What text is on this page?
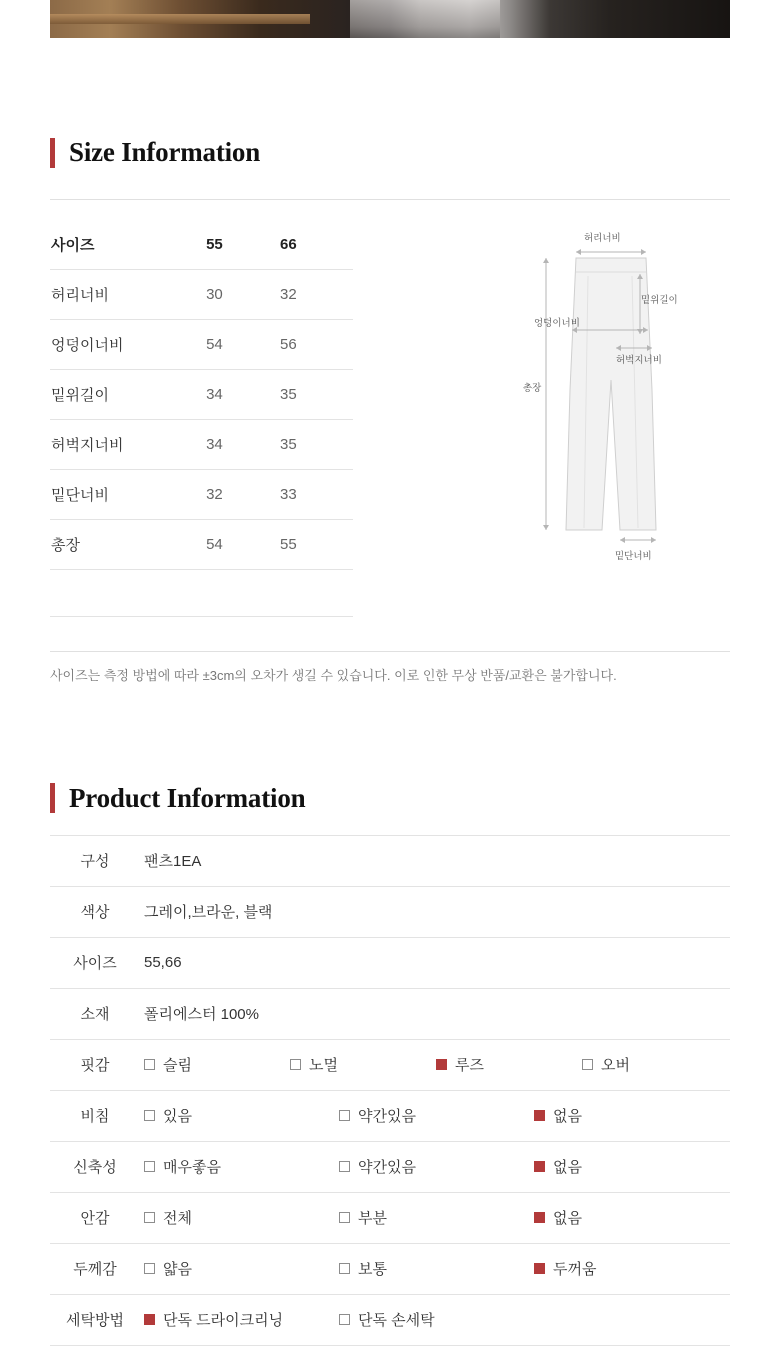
Size Information
사이즈	55	66
허리너비	30	32
엉덩이너비	54	56
밑위길이	34	35
허벅지너비	34	35
밑단너비	32	33
총장	54	55

허리너비
밑위길이
엉덩이너비
허벅지너비
총장
밑단너비
사이즈는 측정 방법에 따라 ±3cm의 오차가 생길 수 있습니다. 이로 인한 무상 반품/교환은 불가합니다.
Product Information
구성	팬츠1EA
색상	그레이,브라운, 블랙
사이즈	55,66
소재	폴리에스터 100%
핏감	슬림 노멀 루즈 오버

비침	있음 약간있음 없음

신축성	매우좋음 약간있음 없음

안감	전체 부분 없음

두께감	얇음 보통 두꺼움

세탁방법	단독 드라이크리닝 단독 손세탁
